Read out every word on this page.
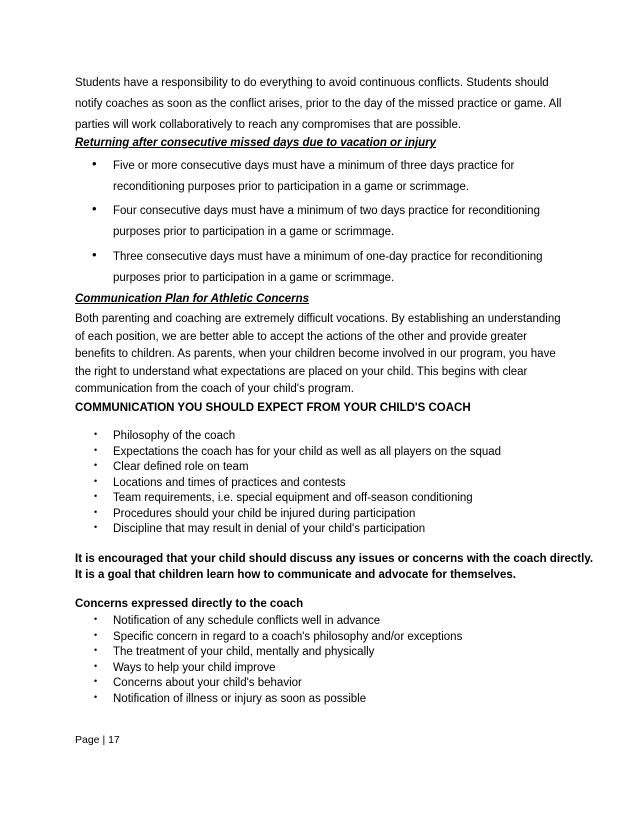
Students have a responsibility to do everything to avoid continuous conflicts. Students should notify coaches as soon as the conflict arises, prior to the day of the missed practice or game. All parties will work collaboratively to reach any compromises that are possible.

Returning after consecutive missed days due to vacation or injury

•	Five or more consecutive days must have a minimum of three days practice for reconditioning purposes prior to participation in a game or scrimmage.
•	Four consecutive days must have a minimum of two days practice for reconditioning purposes prior to participation in a game or scrimmage.
•	Three consecutive days must have a minimum of one-day practice for reconditioning purposes prior to participation in a game or scrimmage.

Communication Plan for Athletic Concerns

Both parenting and coaching are extremely difficult vocations. By establishing an understanding of each position, we are better able to accept the actions of the other and provide greater benefits to children. As parents, when your children become involved in our program, you have the right to understand what expectations are placed on your child. This begins with clear communication from the coach of your child's program.

COMMUNICATION YOU SHOULD EXPECT FROM YOUR CHILD'S COACH

•	Philosophy of the coach
•	Expectations the coach has for your child as well as all players on the squad
•	Clear defined role on team
•	Locations and times of practices and contests
•	Team requirements, i.e. special equipment and off-season conditioning
•	Procedures should your child be injured during participation
•	Discipline that may result in denial of your child's participation

It is encouraged that your child should discuss any issues or concerns with the coach directly.

It is a goal that children learn how to communicate and advocate for themselves.

Concerns expressed directly to the coach

•	Notification of any schedule conflicts well in advance
•	Specific concern in regard to a coach's philosophy and/or exceptions
•	The treatment of your child, mentally and physically
•	Ways to help your child improve
•	Concerns about your child's behavior
•	Notification of illness or injury as soon as possible
Page | 17
